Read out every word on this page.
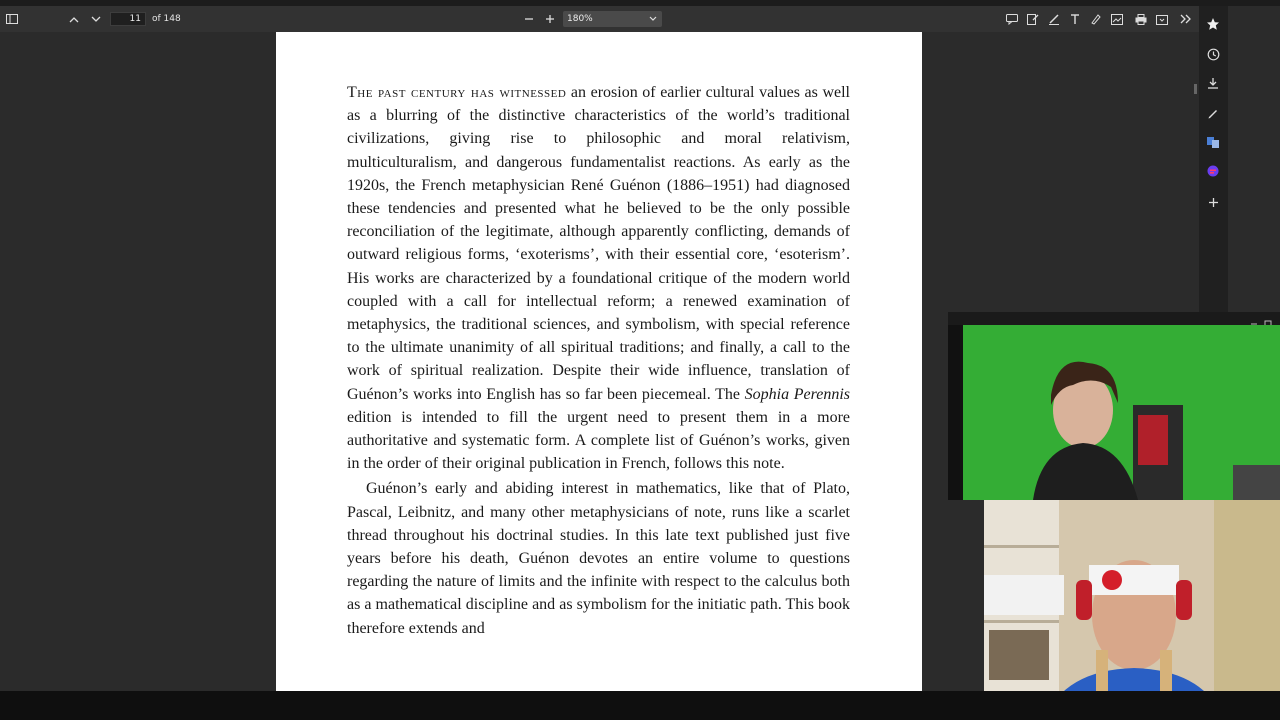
11	of 148	180%

The past century has witnessed an erosion of earlier cultural values as well as a blurring of the distinctive characteristics of the world’s traditional civilizations, giving rise to philosophic and moral relativism, multiculturalism, and dangerous fundamentalist reactions. As early as the 1920s, the French metaphysician René Guénon (1886–1951) had diagnosed these tendencies and presented what he believed to be the only possible reconciliation of the legitimate, although apparently conflicting, demands of outward religious forms, ‘exoterisms’, with their essential core, ‘esoterism’. His works are characterized by a foundational critique of the modern world coupled with a call for intellectual reform; a renewed examination of metaphysics, the traditional sciences, and symbolism, with special reference to the ultimate unanimity of all spiritual traditions; and finally, a call to the work of spiritual realization. Despite their wide influence, translation of Guénon’s works into English has so far been piecemeal. The Sophia Perennis edition is intended to fill the urgent need to present them in a more authoritative and systematic form. A complete list of Guénon’s works, given in the order of their original publication in French, follows this note.

Guénon’s early and abiding interest in mathematics, like that of Plato, Pascal, Leibnitz, and many other metaphysicians of note, runs like a scarlet thread throughout his doctrinal studies. In this late text published just five years before his death, Guénon devotes an entire volume to questions regarding the nature of limits and the infinite with respect to the calculus both as a mathematical discipline and as symbolism for the initiatic path. This book therefore extends and
